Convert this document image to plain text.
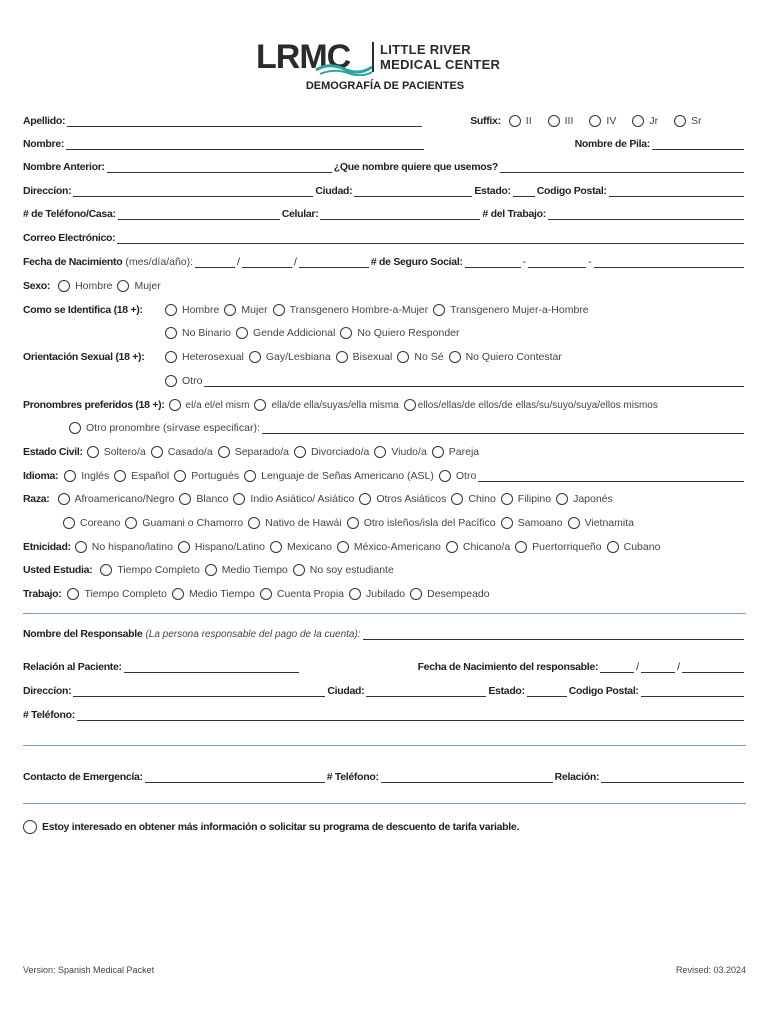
LRMC LITTLE RIVER
MEDICAL CENTER
DEMOGRAFÍA DE PACIENTES
Apellido:	Suffix: II	III	IV	Jr	Sr
Nombre:	Nombre de Pila:
Nombre Anterior:	¿Que nombre quiere que usemos?
Direccíon:	Ciudad:	Estado: Codigo Postal:
# de Teléfono/Casa:	Celular:	# del Trabajo:
Correo Electrónico:
Fecha de Nacimiento (mes/día/año):	/	/	# de Seguro Social:	-	-
Sexo: Hombre Mujer
Como se Identifica (18 +):	Hombre Mujer Transgenero Hombre-a-Mujer Transgenero Mujer-a-Hombre
No Binario Gende Addicional No Quiero Responder
Orientación Sexual (18 +):	Heterosexual Gay/Lesbiana Bisexual No Sé No Quiero Contestar
Otro
Pronombres preferidos (18 +): el/a el/el mism ella/de ella/suyas/ella misma ellos/ellas/de ellos/de ellas/su/suyo/suya/ellos mismos
Otro pronombre (sírvase especificar):
Estado Civil: Soltero/a Casado/a Separado/a Divorciado/a Viudo/a Pareja
Idioma: Inglés Español Portugués Lenguaje de Señas Americano (ASL) Otro
Raza: Afroamericano/Negro Blanco Indio Asiático/ Asiático Otros Asiáticos Chino Filipino Japonés
Coreano Guamani o Chamorro Nativo de Hawái Otro isleños/isla del Pacífico Samoano Vietnamita
Etnicidad: No hispano/latino Hispano/Latino Mexicano México-Americano Chicano/a Puertorriqueño Cubano
Usted Estudia: Tiempo Completo Medio Tiempo No soy estudiante
Trabajo: Tiempo Completo Medio Tiempo Cuenta Propia Jubilado Desempeado
Nombre del Responsable (La persona responsable del pago de la cuenta):
Relación al Paciente:	Fecha de Nacimiento del responsable:	/	/
Direccíon:	Ciudad:	Estado:	Codigo Postal:
# Teléfono:
Contacto de Emergencía:	# Teléfono:	Relación:
Estoy interesado en obtener más información o solicitar su programa de descuento de tarifa variable.
Version: Spanish Medical Packet	Revised: 03.2024
